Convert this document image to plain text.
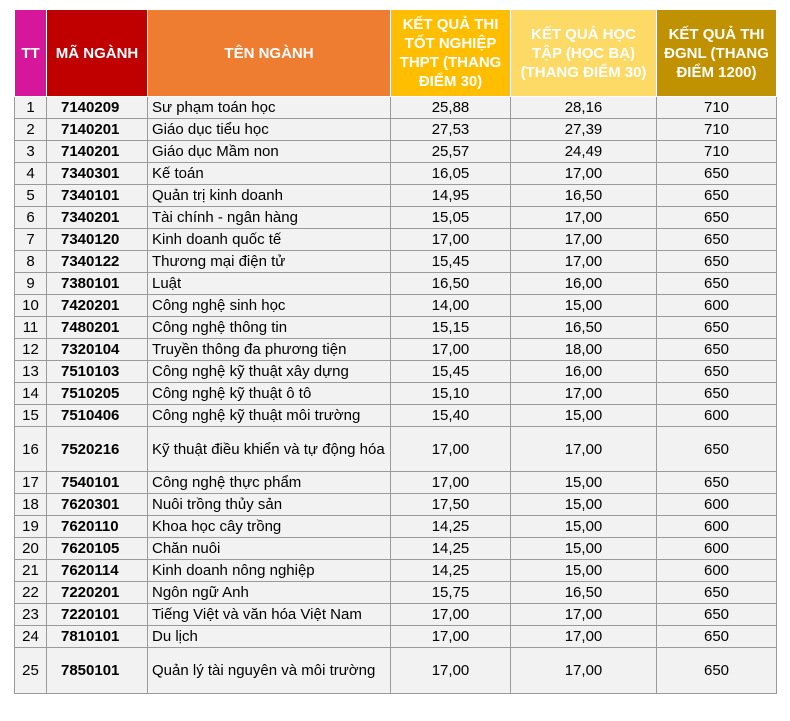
TT	MÃ NGÀNH	TÊN NGÀNH	KẾT QUẢ THI TỐT NGHIỆP THPT (THANG ĐIỂM 30)	KẾT QUẢ HỌC TẬP (HỌC BẠ) (THANG ĐIỂM 30)	KẾT QUẢ THI ĐGNL (THANG ĐIỂM 1200)
1	7140209	Sư phạm toán học	25,88	28,16	710
2	7140201	Giáo dục tiểu học	27,53	27,39	710
3	7140201	Giáo dục Mầm non	25,57	24,49	710
4	7340301	Kế toán	16,05	17,00	650
5	7340101	Quản trị kinh doanh	14,95	16,50	650
6	7340201	Tài chính - ngân hàng	15,05	17,00	650
7	7340120	Kinh doanh quốc tế	17,00	17,00	650
8	7340122	Thương mại điện tử	15,45	17,00	650
9	7380101	Luật	16,50	16,00	650
10	7420201	Công nghệ sinh học	14,00	15,00	600
11	7480201	Công nghệ thông tin	15,15	16,50	650
12	7320104	Truyền thông đa phương tiện	17,00	18,00	650
13	7510103	Công nghệ kỹ thuật xây dựng	15,45	16,00	650
14	7510205	Công nghệ kỹ thuật ô tô	15,10	17,00	650
15	7510406	Công nghệ kỹ thuật môi trường	15,40	15,00	600
16	7520216	Kỹ thuật điều khiển và tự động hóa	17,00	17,00	650
17	7540101	Công nghệ thực phẩm	17,00	15,00	650
18	7620301	Nuôi trồng thủy sản	17,50	15,00	600
19	7620110	Khoa học cây trồng	14,25	15,00	600
20	7620105	Chăn nuôi	14,25	15,00	600
21	7620114	Kinh doanh nông nghiệp	14,25	15,00	600
22	7220201	Ngôn ngữ Anh	15,75	16,50	650
23	7220101	Tiếng Việt và văn hóa Việt Nam	17,00	17,00	650
24	7810101	Du lịch	17,00	17,00	650
25	7850101	Quản lý tài nguyên và môi trường	17,00	17,00	650
